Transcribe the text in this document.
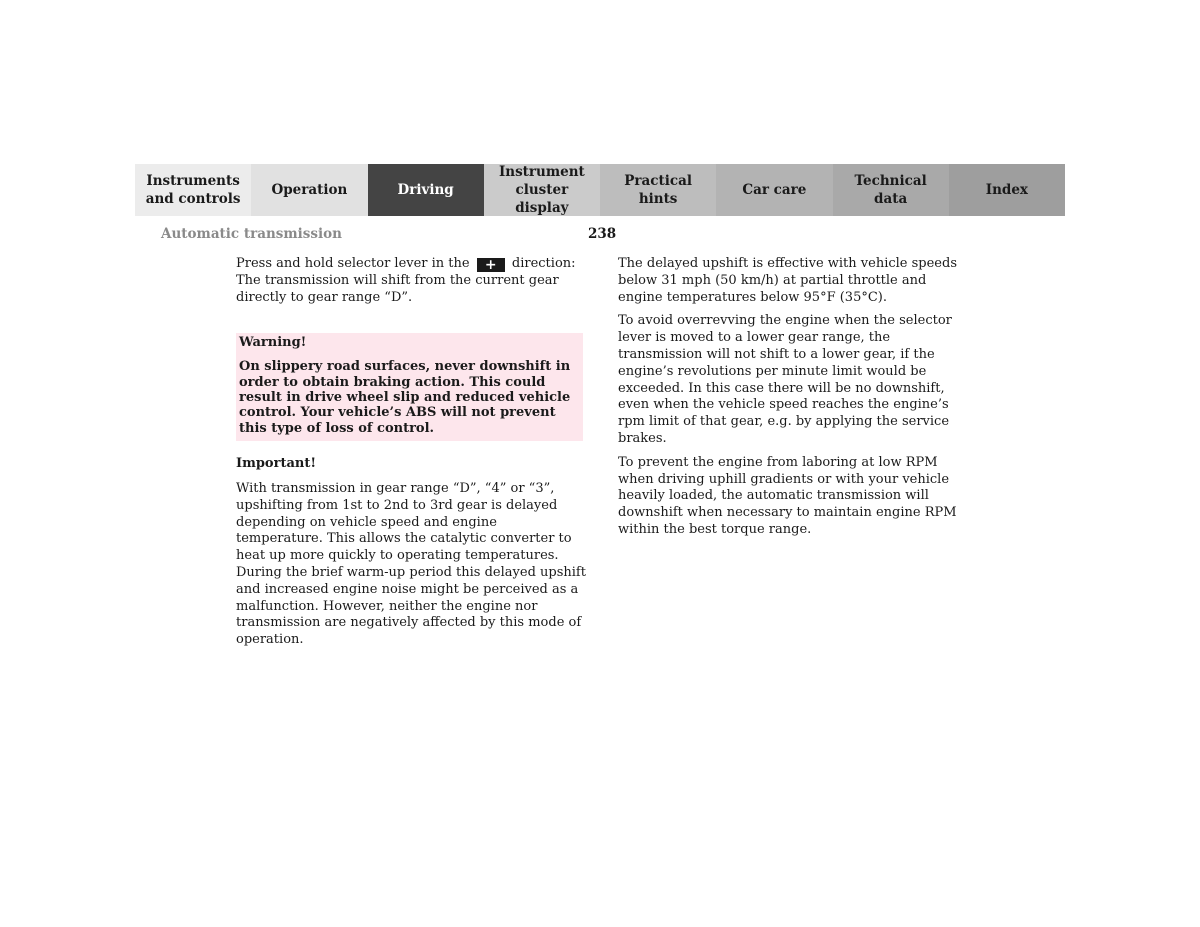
Instruments
and controls
Operation	Driving
Instrument
cluster display
Practical hints
Car care
Technical
data
Index
Automatic transmission	238

Press and hold selector lever in the + direction: The transmission will shift from the current gear directly to gear range “D”.

Warning!

On slippery road surfaces, never downshift in order to obtain braking action. This could result in drive wheel slip and reduced vehicle control. Your vehicle’s ABS will not prevent this type of loss of control.

Important!

With transmission in gear range “D”, “4” or “3”, upshifting from 1st to 2nd to 3rd gear is delayed depending on vehicle speed and engine temperature. This allows the catalytic converter to heat up more quickly to operating temperatures.

During the brief warm-up period this delayed upshift and increased engine noise might be perceived as a malfunction. However, neither the engine nor transmission are negatively affected by this mode of operation.

The delayed upshift is effective with vehicle speeds below 31 mph (50 km/h) at partial throttle and engine temperatures below 95°F (35°C).

To avoid overrevving the engine when the selector lever is moved to a lower gear range, the transmission will not shift to a lower gear, if the engine’s revolutions per minute limit would be exceeded. In this case there will be no downshift, even when the vehicle speed reaches the engine’s rpm limit of that gear, e.g. by applying the service brakes.

To prevent the engine from laboring at low RPM when driving uphill gradients or with your vehicle heavily loaded, the automatic transmission will downshift when necessary to maintain engine RPM within the best torque range.
